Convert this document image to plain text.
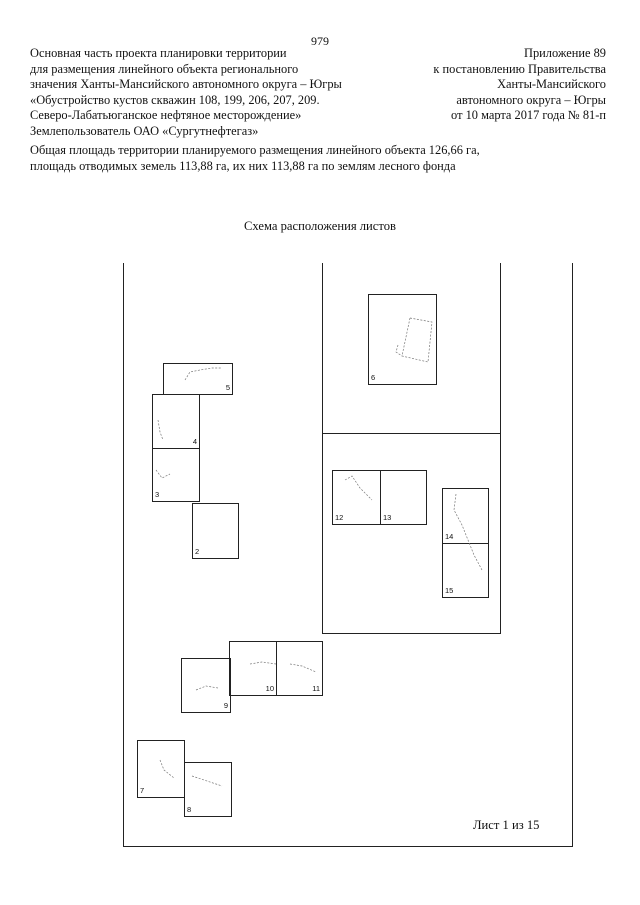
979
Основная часть проекта планировки территории
для размещения линейного объекта регионального
значения Ханты-Мансийского автономного округа – Югры
«Обустройство кустов скважин 108, 199, 206, 207, 209.
Северо-Лабатьюганское нефтяное месторождение»
Землепользователь ОАО «Сургутнефтегаз»
Приложение 89
к постановлению Правительства
Ханты-Мансийского
автономного округа – Югры
от 10 марта 2017 года № 81-п
Общая площадь территории планируемого размещения линейного объекта 126,66 га,
площадь отводимых земель 113,88 га, их них 113,88 га по землям лесного фонда
Схема расположения листов
5
4
3
2
6
12	13
14
15
9
10	11
7
8
Лист 1 из 15
